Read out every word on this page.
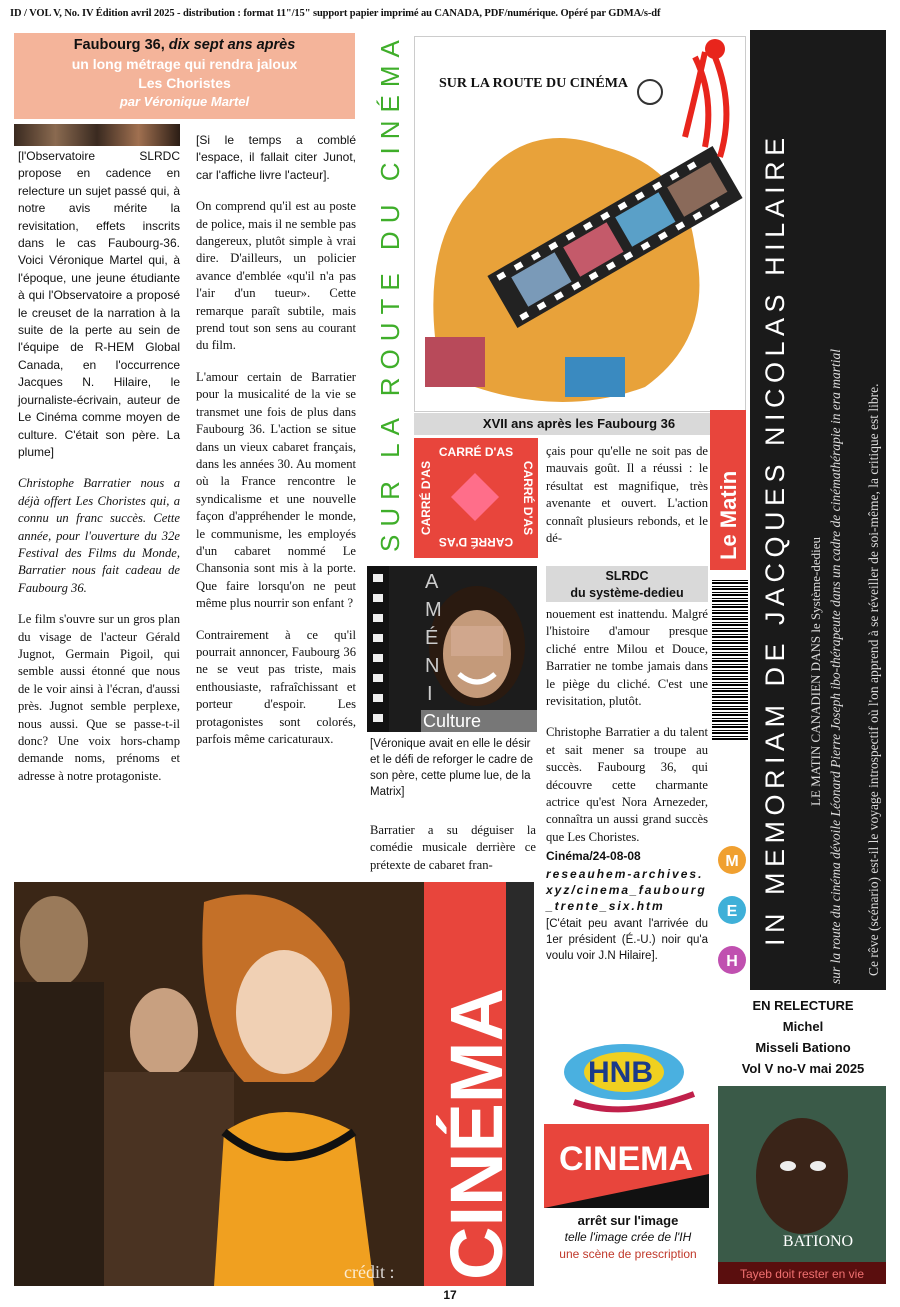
ID / VOL V, No. IV Édition avril 2025 - distribution : format 11"/15" support papier imprimé au CANADA, PDF/numérique. Opéré par GDMA/s-df
Faubourg 36, dix sept ans après
un long métrage qui rendra jaloux
Les Choristes
par Véronique Martel

[l'Observatoire SLRDC propose en cadence en relecture un sujet passé qui, à notre avis mérite la revisitation, effets inscrits dans le cas Faubourg-36. Voici Véronique Martel qui, à l'époque, une jeune étudiante à qui l'Observatoire a proposé le creuset de la narration à la suite de la perte au sein de l'équipe de R-HEM Global Canada, en l'occurrence Jacques N. Hilaire, le journaliste-écrivain, auteur de Le Cinéma comme moyen de culture. C'était son père. La plume]

Christophe Barratier nous a déjà offert Les Choristes qui, a connu un franc succès. Cette année, pour l'ouverture du 32e Festival des Films du Monde, Barratier nous fait cadeau de Faubourg 36.

Le film s'ouvre sur un gros plan du visage de l'acteur Gérald Jugnot, Germain Pigoil, qui semble aussi étonné que nous de le voir ainsi à l'écran, d'aussi près. Jugnot semble perplexe, nous aussi. Que se passe-t-il donc? Une voix hors-champ demande noms, prénoms et adresse à notre protagoniste.

[Si le temps a comblé l'espace, il fallait citer Junot, car l'affiche livre l'acteur].

On comprend qu'il est au poste de police, mais il ne semble pas dangereux, plutôt simple à vrai dire. D'ailleurs, un policier avance d'emblée «qu'il n'a pas l'air d'un tueur». Cette remarque paraît subtile, mais prend tout son sens au courant du film.

L'amour certain de Barratier pour la musicalité de la vie se transmet une fois de plus dans Faubourg 36. L'action se situe dans un vieux cabaret français, dans les années 30. Au moment où la France rencontre le syndicalisme et une nouvelle façon d'appréhender le monde, le communisme, les employés d'un cabaret nommé Le Chansonia sont mis à la porte. Que faire lorsqu'on ne peut même plus nourrir son enfant ?

Contrairement à ce qu'il pourrait annoncer, Faubourg 36 ne se veut pas triste, mais enthousiaste, rafraîchissant et porteur d'espoir. Les protagonistes sont colorés, parfois même caricaturaux.

SUR LA ROUTE DU CINÉMA SUR LA ROUTE DU CINÉMA
XVII ans après les Faubourg 36
CARRÉ D'AS
CARRÉ D'AS
CARRÉ D'AS	CARRÉ D'AS

çais pour qu'elle ne soit pas de mauvais goût. Il a réussi : le résultat est magnifique, très avenante et ouvert. L'action connaît plusieurs rebonds, et le dé-	Le Matin
SLRDC
du système-dedieu
A
M
É
N
I
Culture
[Véronique avait en elle le désir et le défi de reforger le cadre de son père, cette plume lue, de la Matrix]

Barratier a su déguiser la comédie musicale derrière ce prétexte de cabaret fran-

nouement est inattendu. Malgré l'histoire d'amour presque cliché entre Milou et Douce, Barratier ne tombe jamais dans le piège du cliché. C'est une revisitation, plutôt.

Christophe Barratier a du talent et sait mener sa troupe au succès. Faubourg 36, qui découvre cette charmante actrice qu'est Nora Arnezeder, connaîtra un aussi grand succès que Les Choristes.

Cinéma/24-08-08
reseauhem-archives.xyz/cinema_faubourg_trente_six.htm
[C'était peu avant l'arrivée du 1er président (É.-U.) noir qu'a voulu voir J.N Hilaire].
IN MEMORIAM DE JACQUES NICOLAS HILAIRE LE MATIN CANADIEN DANS le Système-dedieu sur la route du cinéma dévoile Léonard Pierre Joseph ibo-thérapeute dans un cadre de cinémathérapie in era martial Ce rêve (scénario) est-il le voyage introspectif où l'on apprend à se réveiller de soi-même, la critique est libre.
M
E
H
crédit : CINÉMA HNB
CINEMA
arrêt sur l'image
telle l'image crée de l'IH
une scène de prescription
EN RELECTURE
Michel
Misseli Bationo
Vol V no-V mai 2025
BATIONO
Tayeb doit rester en vie
17
